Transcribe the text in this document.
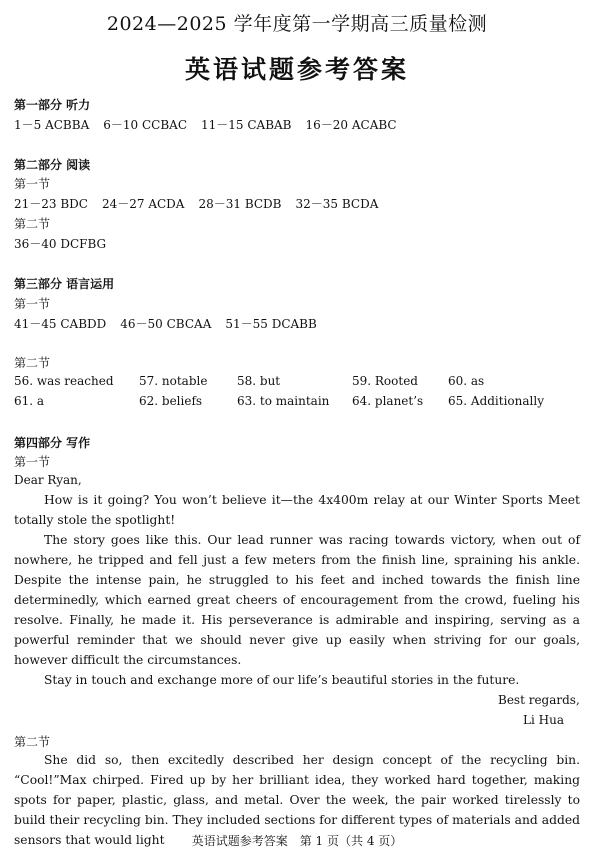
2024—2025 学年度第一学期高三质量检测
英语试题参考答案
第一部分 听力
1－5 ACBBA 6－10 CCBAC 11－15 CABAB 16－20 ACABC
第二部分 阅读
第一节
21－23 BDC 24－27 ACDA 28－31 BCDB 32－35 BCDA
第二节
36－40 DCFBG
第三部分 语言运用
第一节
41－45 CABDD 46－50 CBCAA 51－55 DCABB
第二节
56. was reached 57. notable 58. but	59. Rooted	60. as
61. a	62. beliefs	63. to maintain 64. planet’s 65. Additionally
第四部分 写作
第一节
Dear Ryan,
How is it going? You won’t believe it—the 4x400m relay at our Winter Sports Meet totally stole the spotlight!
The story goes like this. Our lead runner was racing towards victory, when out of nowhere, he tripped and fell just a few meters from the finish line, spraining his ankle. Despite the intense pain, he struggled to his feet and inched towards the finish line determinedly, which earned great cheers of encouragement from the crowd, fueling his resolve. Finally, he made it. His perseverance is admirable and inspiring, serving as a powerful reminder that we should never give up easily when striving for our goals, however difficult the circumstances.
Stay in touch and exchange more of our life’s beautiful stories in the future.
Best regards,
Li Hua
第二节
She did so, then excitedly described her design concept of the recycling bin. “Cool!”Max chirped. Fired up by her brilliant idea, they worked hard together, making spots for paper, plastic, glass, and metal. Over the week, the pair worked tirelessly to build their recycling bin. They included sections for different types of materials and added sensors that would light	英语试题参考答案　第 1 页（共 4 页）
